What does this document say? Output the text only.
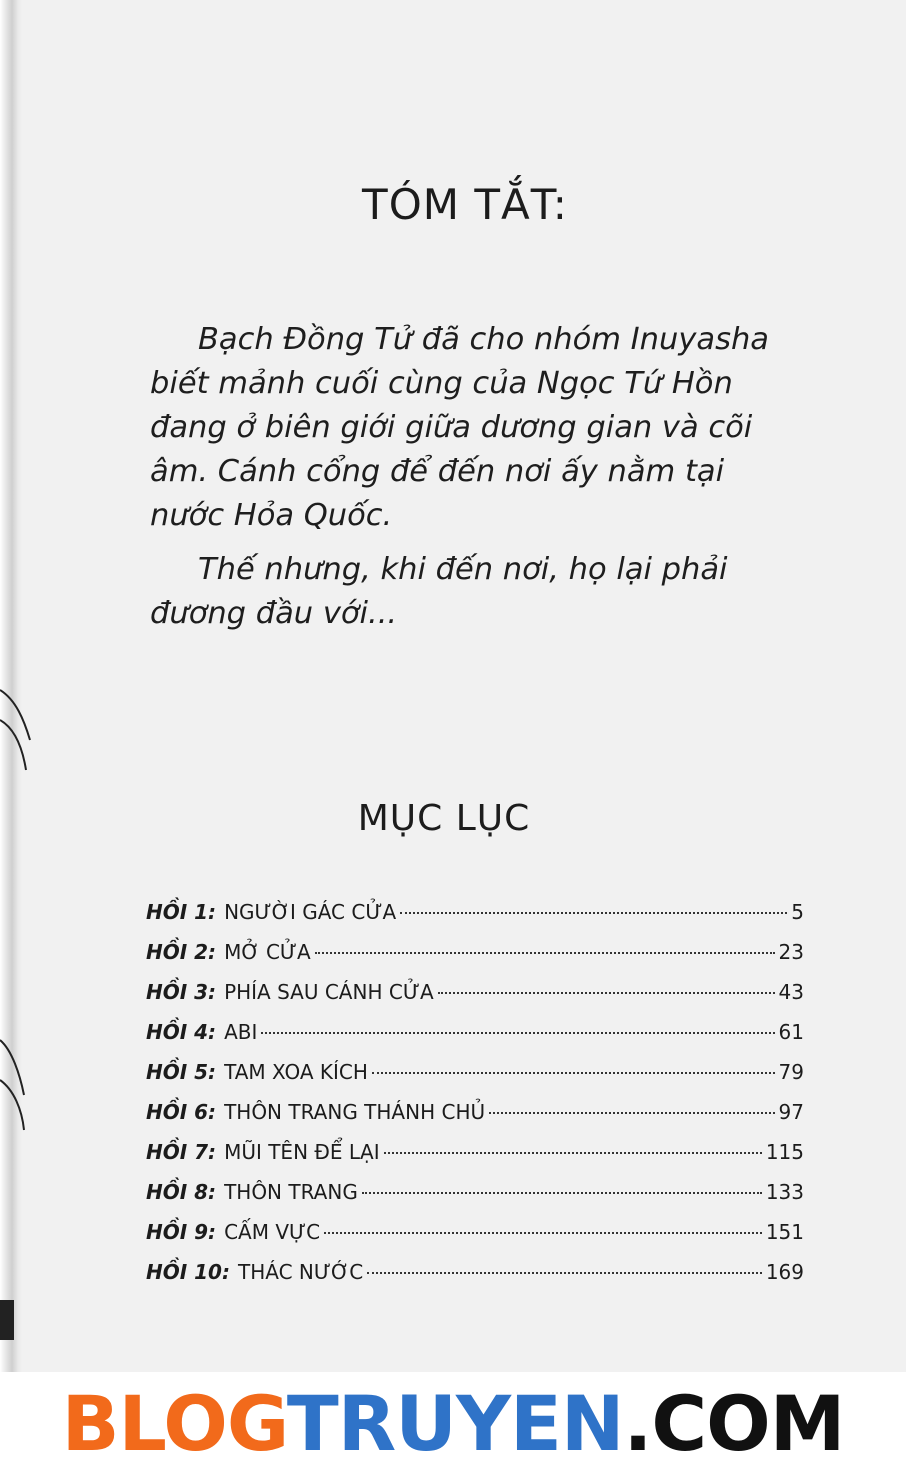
TÓM TẮT:

Bạch Đồng Tử đã cho nhóm Inuyasha biết mảnh cuối cùng của Ngọc Tứ Hồn đang ở biên giới giữa dương gian và cõi âm. Cánh cổng để đến nơi ấy nằm tại nước Hỏa Quốc.

Thế nhưng, khi đến nơi, họ lại phải đương đầu với...

MỤC LỤC
HỒI 1: NGƯỜI GÁC CỬA	5
HỒI 2: MỞ CỬA	23
HỒI 3: PHÍA SAU CÁNH CỬA	43
HỒI 4: ABI	61
HỒI 5: TAM XOA KÍCH	79
HỒI 6: THÔN TRANG THÁNH CHỦ	97
HỒI 7: MŨI TÊN ĐỂ LẠI	115
HỒI 8: THÔN TRANG	133
HỒI 9: CẤM VỰC	151
HỒI 10: THÁC NƯỚC	169
BLOGTRUYEN.COM
